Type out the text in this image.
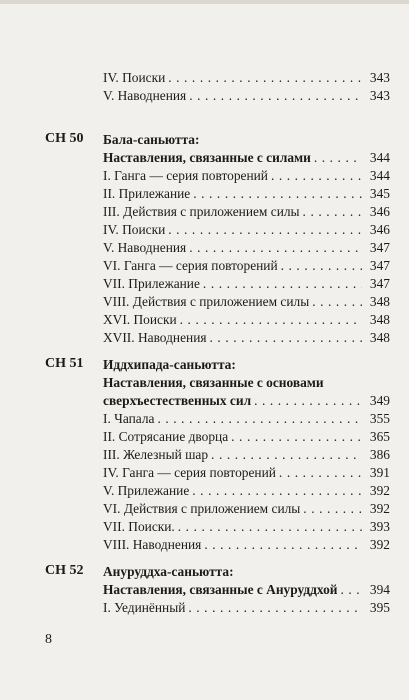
IV. Поиски . . .	343
V. Наводнения . . .	343
СН 50 Бала-саньютта:
Наставления, связанные с силами . . .	344
I. Ганга — серия повторений . . .	344
II. Прилежание . . .	345
III. Действия с приложением силы . . .	346
IV. Поиски . . .	346
V. Наводнения . . .	347
VI. Ганга — серия повторений . . .	347
VII. Прилежание . . .	347
VIII. Действия с приложением силы . . .	348
XVI. Поиски . . .	348
XVII. Наводнения . . .	348
СН 51 Иддхипада-саньютта:
Наставления, связанные с основами
сверхъестественных сил . . .	349
I. Чапала . . .	355
II. Сотрясание дворца . . .	365
III. Железный шар . . .	386
IV. Ганга — серия повторений . . .	391
V. Прилежание . . .	392
VI. Действия с приложением силы . . .	392
VII. Поиски. . . .	393
VIII. Наводнения . . .	392
СН 52 Ануруддха-саньютта:
Наставления, связанные с Ануруддхой . . .	394
I. Уединённый . . .	395
8
